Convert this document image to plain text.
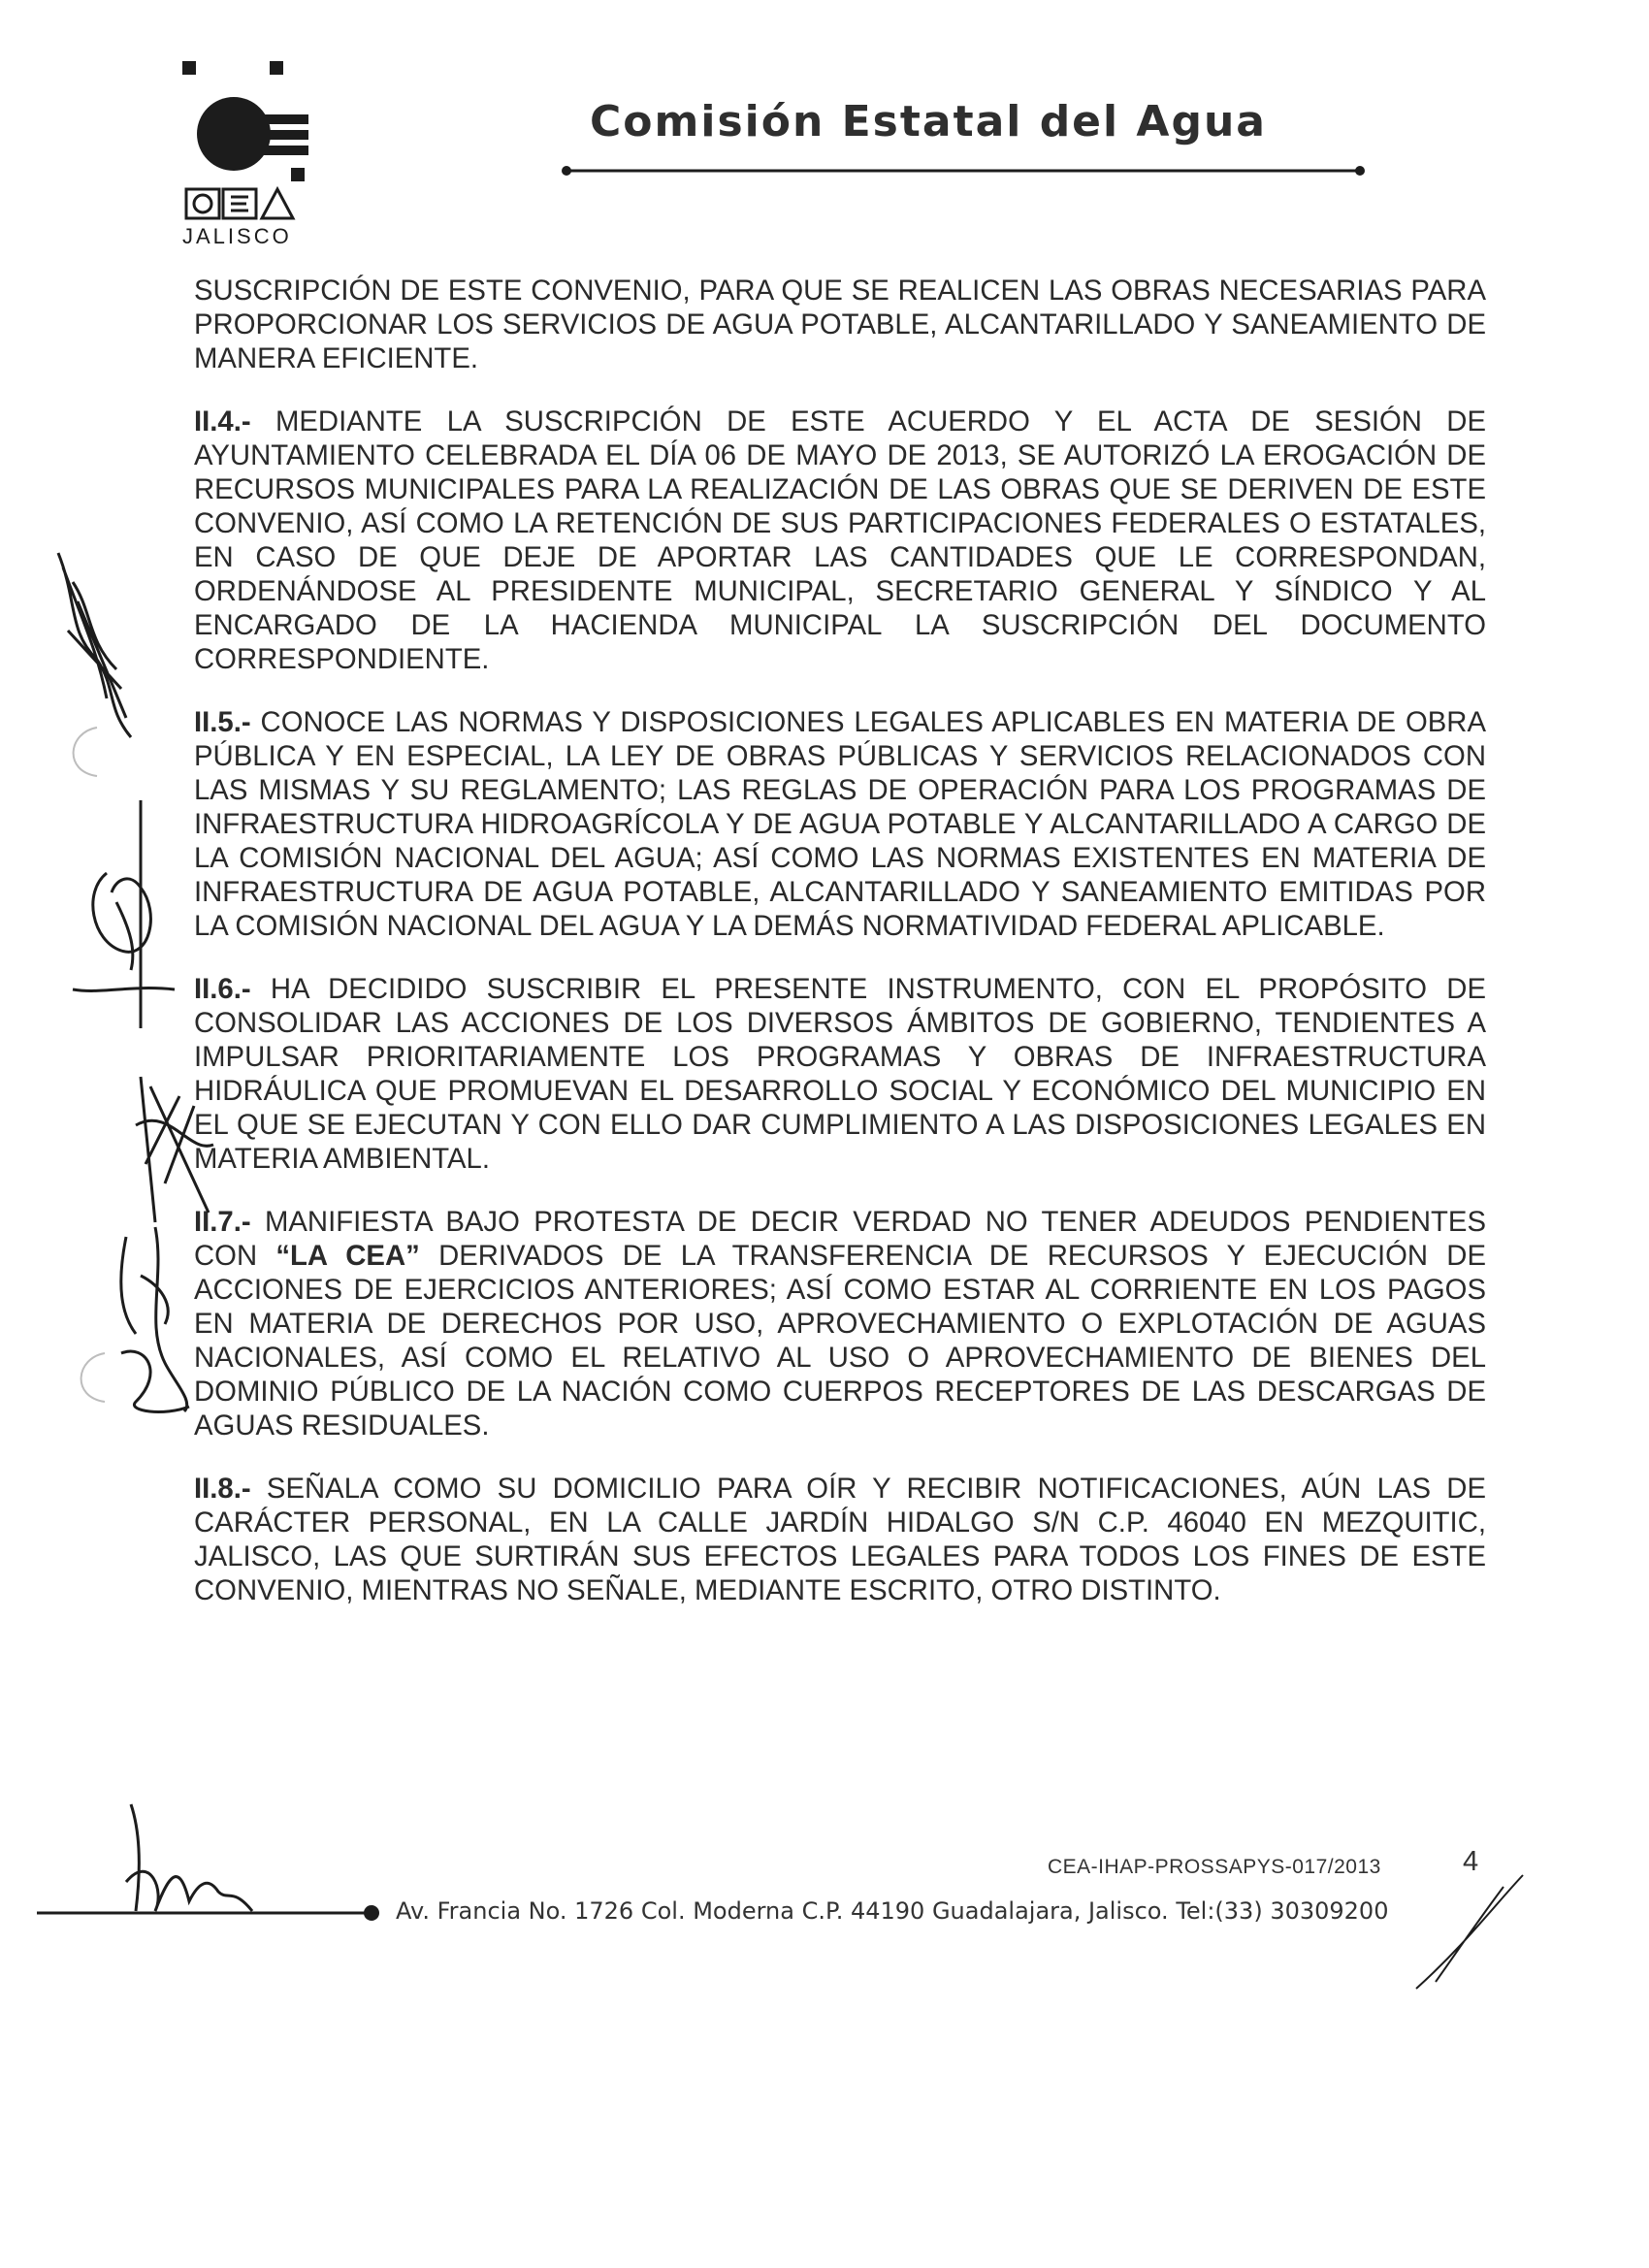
JALISCO
Comisión Estatal del Agua

SUSCRIPCIÓN DE ESTE CONVENIO, PARA QUE SE REALICEN LAS OBRAS NECESARIAS PARA PROPORCIONAR LOS SERVICIOS DE AGUA POTABLE, ALCANTARILLADO Y SANEAMIENTO DE MANERA EFICIENTE.

II.4.- MEDIANTE LA SUSCRIPCIÓN DE ESTE ACUERDO Y EL ACTA DE SESIÓN DE AYUNTAMIENTO CELEBRADA EL DÍA 06 DE MAYO DE 2013, SE AUTORIZÓ LA EROGACIÓN DE RECURSOS MUNICIPALES PARA LA REALIZACIÓN DE LAS OBRAS QUE SE DERIVEN DE ESTE CONVENIO, ASÍ COMO LA RETENCIÓN DE SUS PARTICIPACIONES FEDERALES O ESTATALES, EN CASO DE QUE DEJE DE APORTAR LAS CANTIDADES QUE LE CORRESPONDAN, ORDENÁNDOSE AL PRESIDENTE MUNICIPAL, SECRETARIO GENERAL Y SÍNDICO Y AL ENCARGADO DE LA HACIENDA MUNICIPAL LA SUSCRIPCIÓN DEL DOCUMENTO CORRESPONDIENTE.

II.5.- CONOCE LAS NORMAS Y DISPOSICIONES LEGALES APLICABLES EN MATERIA DE OBRA PÚBLICA Y EN ESPECIAL, LA LEY DE OBRAS PÚBLICAS Y SERVICIOS RELACIONADOS CON LAS MISMAS Y SU REGLAMENTO; LAS REGLAS DE OPERACIÓN PARA LOS PROGRAMAS DE INFRAESTRUCTURA HIDROAGRÍCOLA Y DE AGUA POTABLE Y ALCANTARILLADO A CARGO DE LA COMISIÓN NACIONAL DEL AGUA; ASÍ COMO LAS NORMAS EXISTENTES EN MATERIA DE INFRAESTRUCTURA DE AGUA POTABLE, ALCANTARILLADO Y SANEAMIENTO EMITIDAS POR LA COMISIÓN NACIONAL DEL AGUA Y LA DEMÁS NORMATIVIDAD FEDERAL APLICABLE.

II.6.- HA DECIDIDO SUSCRIBIR EL PRESENTE INSTRUMENTO, CON EL PROPÓSITO DE CONSOLIDAR LAS ACCIONES DE LOS DIVERSOS ÁMBITOS DE GOBIERNO, TENDIENTES A IMPULSAR PRIORITARIAMENTE LOS PROGRAMAS Y OBRAS DE INFRAESTRUCTURA HIDRÁULICA QUE PROMUEVAN EL DESARROLLO SOCIAL Y ECONÓMICO DEL MUNICIPIO EN EL QUE SE EJECUTAN Y CON ELLO DAR CUMPLIMIENTO A LAS DISPOSICIONES LEGALES EN MATERIA AMBIENTAL.

II.7.- MANIFIESTA BAJO PROTESTA DE DECIR VERDAD NO TENER ADEUDOS PENDIENTES CON “LA CEA” DERIVADOS DE LA TRANSFERENCIA DE RECURSOS Y EJECUCIÓN DE ACCIONES DE EJERCICIOS ANTERIORES; ASÍ COMO ESTAR AL CORRIENTE EN LOS PAGOS EN MATERIA DE DERECHOS POR USO, APROVECHAMIENTO O EXPLOTACIÓN DE AGUAS NACIONALES, ASÍ COMO EL RELATIVO AL USO O APROVECHAMIENTO DE BIENES DEL DOMINIO PÚBLICO DE LA NACIÓN COMO CUERPOS RECEPTORES DE LAS DESCARGAS DE AGUAS RESIDUALES.

II.8.- SEÑALA COMO SU DOMICILIO PARA OÍR Y RECIBIR NOTIFICACIONES, AÚN LAS DE CARÁCTER PERSONAL, EN LA CALLE JARDÍN HIDALGO S/N C.P. 46040 EN MEZQUITIC, JALISCO, LAS QUE SURTIRÁN SUS EFECTOS LEGALES PARA TODOS LOS FINES DE ESTE CONVENIO, MIENTRAS NO SEÑALE, MEDIANTE ESCRITO, OTRO DISTINTO.

CEA-IHAP-PROSSAPYS-017/2013	4
Av. Francia No. 1726 Col. Moderna C.P. 44190 Guadalajara, Jalisco. Tel:(33) 30309200
